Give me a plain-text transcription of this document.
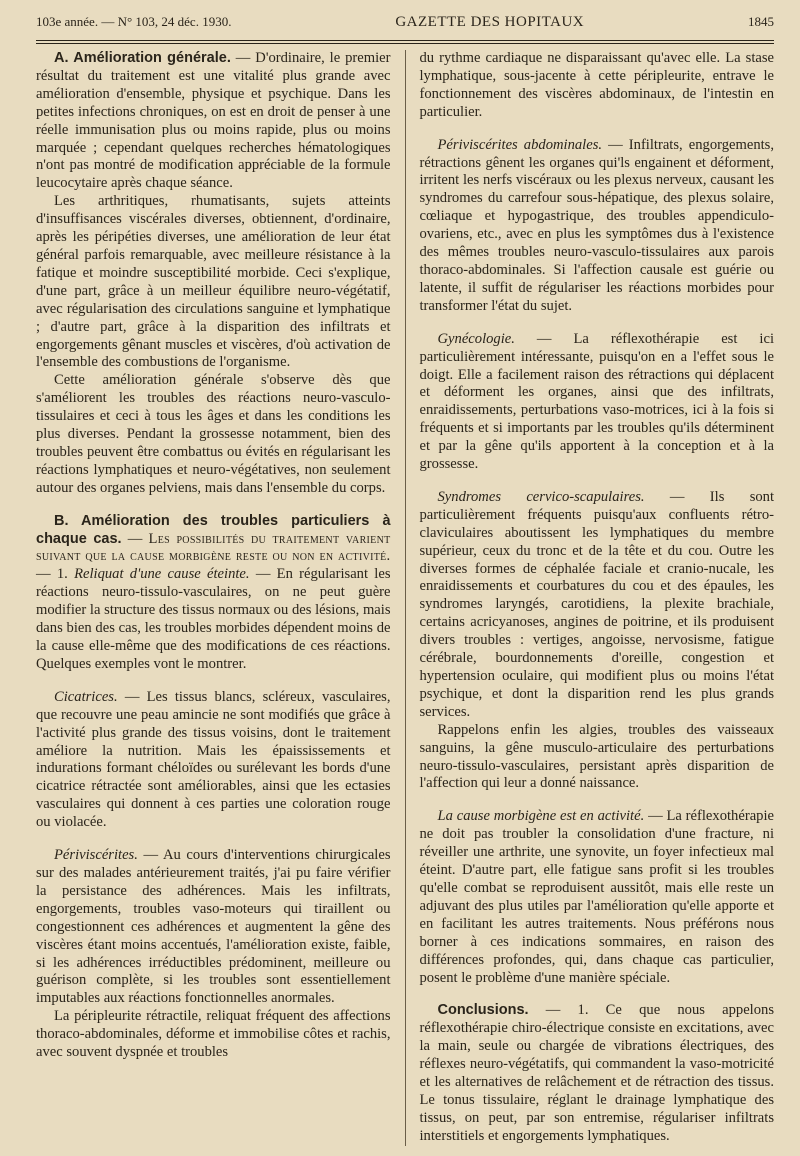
103e année. — N° 103, 24 déc. 1930.	GAZETTE DES HOPITAUX	1845

A. Amélioration générale. — D'ordinaire, le premier résultat du traitement est une vitalité plus grande avec amélioration d'ensemble, physique et psychique. Dans les petites infections chroniques, on est en droit de penser à une réelle immunisation plus ou moins rapide, plus ou moins marquée ; cependant quelques recherches hématologiques n'ont pas montré de modification appréciable de la formule leucocytaire après chaque séance.

Les arthritiques, rhumatisants, sujets atteints d'insuffisances viscérales diverses, obtiennent, d'ordinaire, après les péripéties diverses, une amélioration de leur état général parfois remarquable, avec meilleure résistance à la fatique et moindre susceptibilité morbide. Ceci s'explique, d'une part, grâce à un meilleur équilibre neuro-végétatif, avec régularisation des circulations sanguine et lymphatique ; d'autre part, grâce à la disparition des infiltrats et engorgements gênant muscles et viscères, d'où activation de l'ensemble des combustions de l'organisme.

Cette amélioration générale s'observe dès que s'améliorent les troubles des réactions neuro-vasculo-tissulaires et ceci à tous les âges et dans les conditions les plus diverses. Pendant la grossesse notamment, bien des troubles peuvent être combattus ou évités en régularisant les réactions lymphatiques et neuro-végétatives, non seulement autour des organes pelviens, mais dans l'ensemble du corps.

B. Amélioration des troubles particuliers à chaque cas. — Les possibilités du traitement varient suivant que la cause morbigène reste ou non en activité. — 1. Reliquat d'une cause éteinte. — En régularisant les réactions neuro-tissulo-vasculaires, on ne peut guère modifier la structure des tissus normaux ou des lésions, mais dans bien des cas, les troubles morbides dépendent moins de la cause elle-même que des modifications de ces réactions. Quelques exemples vont le montrer.

Cicatrices. — Les tissus blancs, scléreux, vasculaires, que recouvre une peau amincie ne sont modifiés que grâce à l'activité plus grande des tissus voisins, dont le traitement améliore la nutrition. Mais les épaississements et indurations formant chéloïdes ou surélevant les bords d'une cicatrice rétractée sont améliorables, ainsi que les ectasies vasculaires qui donnent à ces parties une coloration rouge ou violacée.

Périviscérites. — Au cours d'interventions chirurgicales sur des malades antérieurement traités, j'ai pu faire vérifier la persistance des adhérences. Mais les infiltrats, engorgements, troubles vaso-moteurs qui tiraillent ou congestionnent ces adhérences et augmentent la gêne des viscères étant moins accentués, l'amélioration existe, faible, si les adhérences irréductibles prédominent, meilleure ou guérison complète, si les troubles sont essentiellement imputables aux réactions fonctionnelles anormales.

La péripleurite rétractile, reliquat fréquent des affections thoraco-abdominales, déforme et immobilise côtes et rachis, avec souvent dyspnée et troubles

du rythme cardiaque ne disparaissant qu'avec elle. La stase lymphatique, sous-jacente à cette péripleurite, entrave le fonctionnement des viscères abdominaux, de l'intestin en particulier.

Périviscérites abdominales. — Infiltrats, engorgements, rétractions gênent les organes qui'ls engainent et déforment, irritent les nerfs viscéraux ou les plexus nerveux, causant les syndromes du carrefour sous-hépatique, des plexus solaire, cœliaque et hypogastrique, des troubles appendiculo-ovariens, etc., avec en plus les symptômes dus à l'existence des mêmes troubles neuro-vasculo-tissulaires aux parois thoraco-abdominales. Si l'affection causale est guérie ou latente, il suffit de régulariser les réactions morbides pour transformer l'état du sujet.

Gynécologie. — La réflexothérapie est ici particulièrement intéressante, puisqu'on en a l'effet sous le doigt. Elle a facilement raison des rétractions qui déplacent et déforment les organes, ainsi que des infiltrats, enraidissements, perturbations vaso-motrices, ici à la fois si fréquents et si importants par les troubles qu'ils déterminent et par la gêne qu'ils apportent à la conception et à la grossesse.

Syndromes cervico-scapulaires. — Ils sont particulièrement fréquents puisqu'aux confluents rétro-claviculaires aboutissent les lymphatiques du membre supérieur, ceux du tronc et de la tête et du cou. Outre les diverses formes de céphalée faciale et cranio-nucale, les enraidissements et courbatures du cou et des épaules, les syndromes laryngés, carotidiens, la plexite brachiale, certains acricyanoses, angines de poitrine, et ils produisent divers troubles : vertiges, angoisse, nervosisme, fatigue cérébrale, bourdonnements d'oreille, congestion et hypertension oculaire, qui modifient plus ou moins l'état psychique, et dont la disparition rend les plus grands services.

Rappelons enfin les algies, troubles des vaisseaux sanguins, la gêne musculo-articulaire des perturbations neuro-tissulo-vasculaires, persistant après disparition de l'affection qui leur a donné naissance.

La cause morbigène est en activité. — La réflexothérapie ne doit pas troubler la consolidation d'une fracture, ni réveiller une arthrite, une synovite, un foyer infectieux mal éteint. D'autre part, elle fatigue sans profit si les troubles qu'elle combat se reproduisent aussitôt, mais elle reste un adjuvant des plus utiles par l'amélioration qu'elle apporte et en facilitant les autres traitements. Nous préférons nous borner à ces indications sommaires, en raison des différences profondes, qui, dans chaque cas particulier, posent le problème d'une manière spéciale.

Conclusions. — 1. Ce que nous appelons réflexothérapie chiro-électrique consiste en excitations, avec la main, seule ou chargée de vibrations électriques, des réflexes neuro-végétatifs, qui commandent la vaso-motricité et les alternatives de relâchement et de rétraction des tissus. Le tonus tissulaire, réglant le drainage lymphatique des tissus, on peut, par son entremise, régulariser infiltrats interstitiels et engorgements lymphatiques.
